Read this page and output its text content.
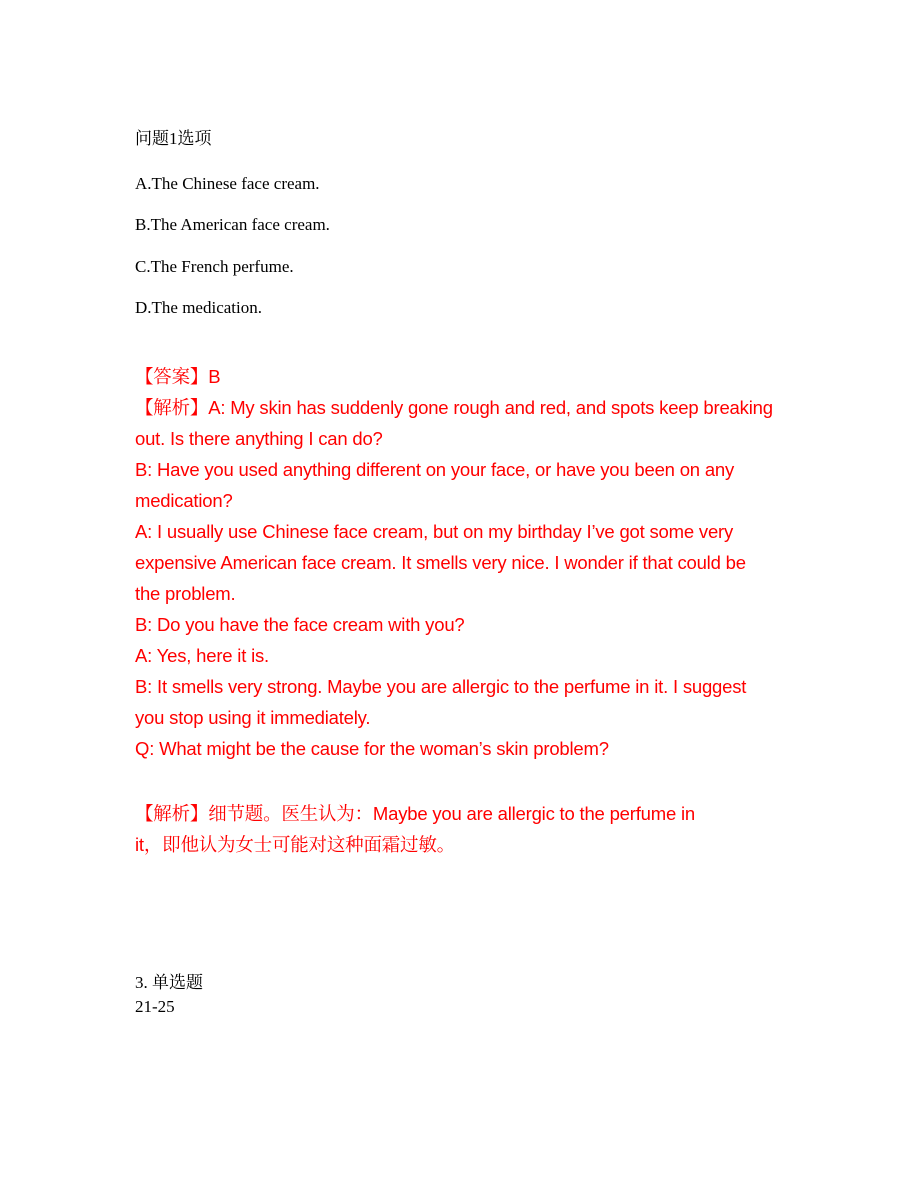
问题1选项
A.The Chinese face cream.
B.The American face cream.
C.The French perfume.
D.The medication.
【答案】B
【解析】A: My skin has suddenly gone rough and red, and spots keep breaking
out. Is there anything I can do?
B: Have you used anything different on your face, or have you been on any
medication?
A: I usually use Chinese face cream, but on my birthday I’ve got some very
expensive American face cream. It smells very nice. I wonder if that could be
the problem.
B: Do you have the face cream with you?
A: Yes, here it is.
B: It smells very strong. Maybe you are allergic to the perfume in it. I suggest
you stop using it immediately.
Q: What might be the cause for the woman’s skin problem?
【解析】细节题。医生认为：Maybe you are allergic to the perfume in
it，即他认为女士可能对这种面霜过敏。
3. 单选题
21-25
